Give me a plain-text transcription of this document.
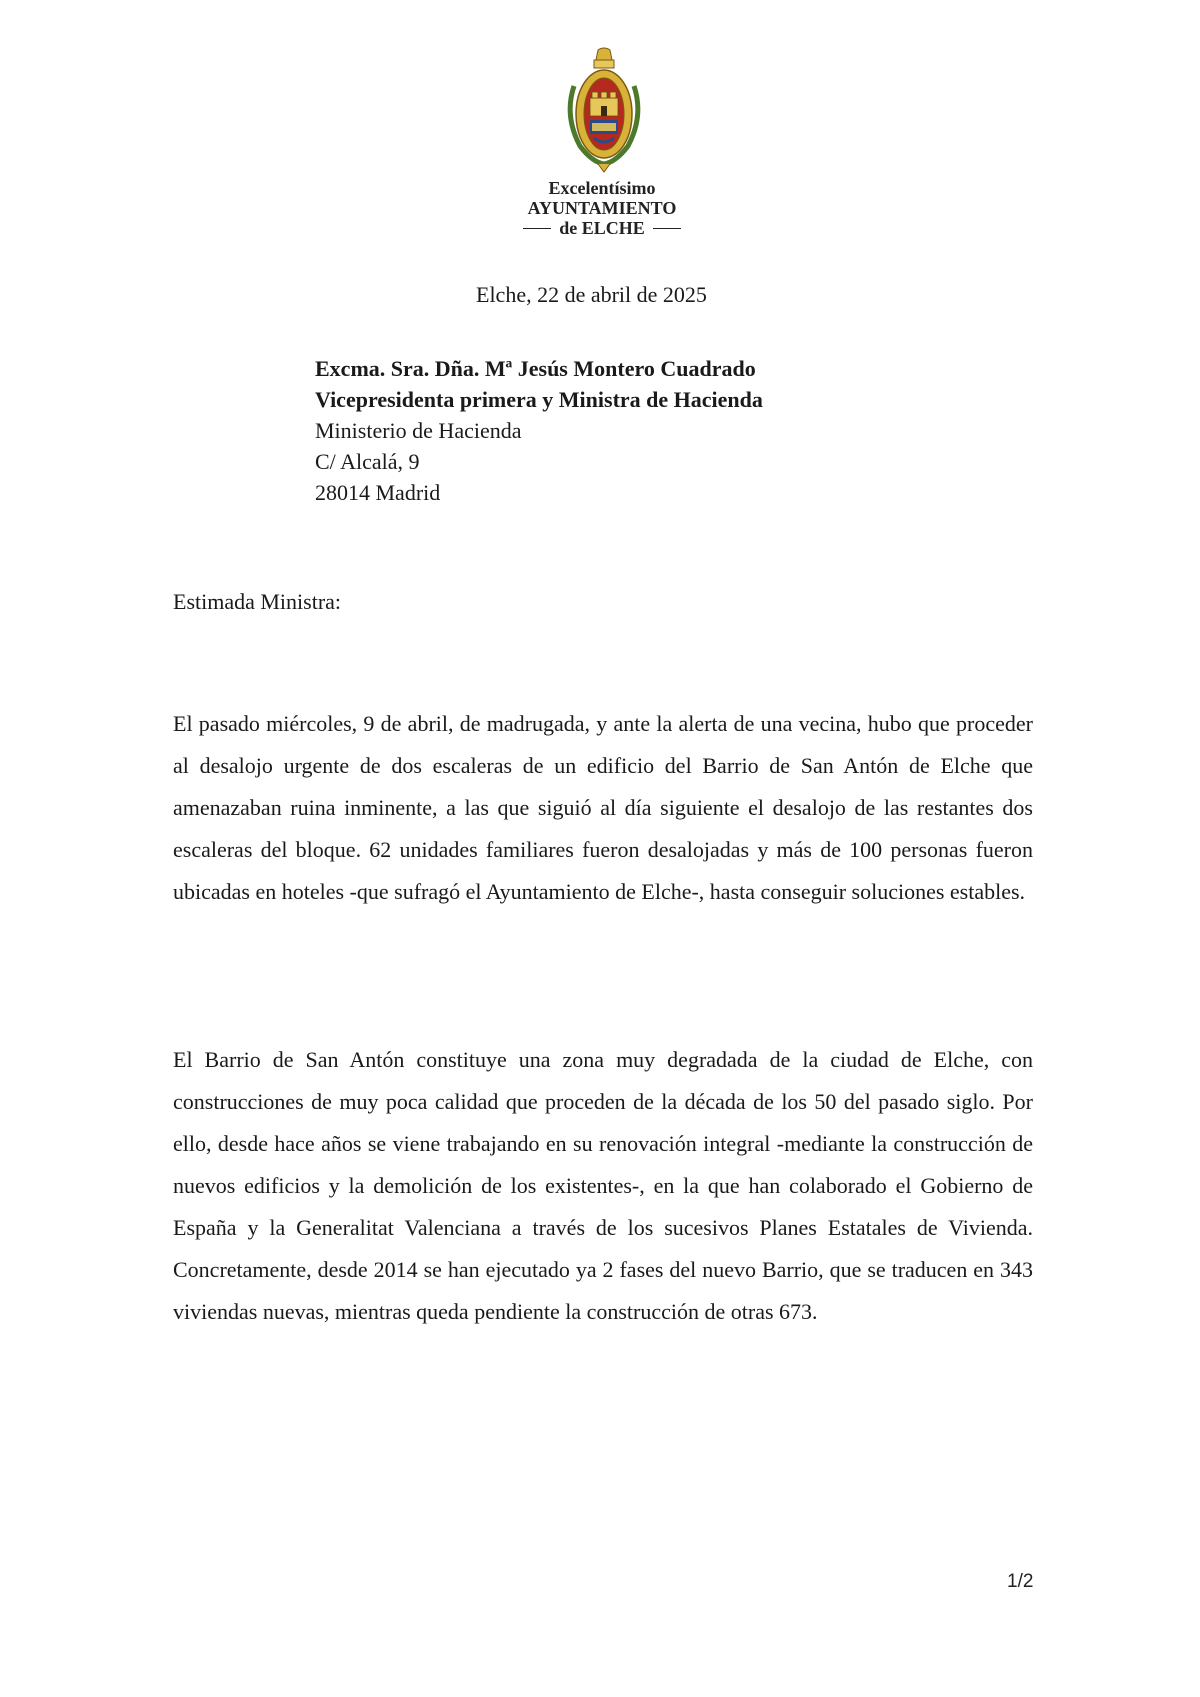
Excelentísimo
AYUNTAMIENTO
de ELCHE
Elche, 22 de abril de 2025
Excma. Sra. Dña. Mª Jesús Montero Cuadrado
Vicepresidenta primera y Ministra de Hacienda
Ministerio de Hacienda
C/ Alcalá, 9
28014 Madrid
Estimada Ministra:

El pasado miércoles, 9 de abril, de madrugada, y ante la alerta de una vecina, hubo que proceder al desalojo urgente de dos escaleras de un edificio del Barrio de San Antón de Elche que amenazaban ruina inminente, a las que siguió al día siguiente el desalojo de las restantes dos escaleras del bloque. 62 unidades familiares fueron desalojadas y más de 100 personas fueron ubicadas en hoteles -que sufragó el Ayuntamiento de Elche-, hasta conseguir soluciones estables.

El Barrio de San Antón constituye una zona muy degradada de la ciudad de Elche, con construcciones de muy poca calidad que proceden de la década de los 50 del pasado siglo. Por ello, desde hace años se viene trabajando en su renovación integral -mediante la construcción de nuevos edificios y la demolición de los existentes-, en la que han colaborado el Gobierno de España y la Generalitat Valenciana a través de los sucesivos Planes Estatales de Vivienda. Concretamente, desde 2014 se han ejecutado ya 2 fases del nuevo Barrio, que se traducen en 343 viviendas nuevas, mientras queda pendiente la construcción de otras 673.

1/2
